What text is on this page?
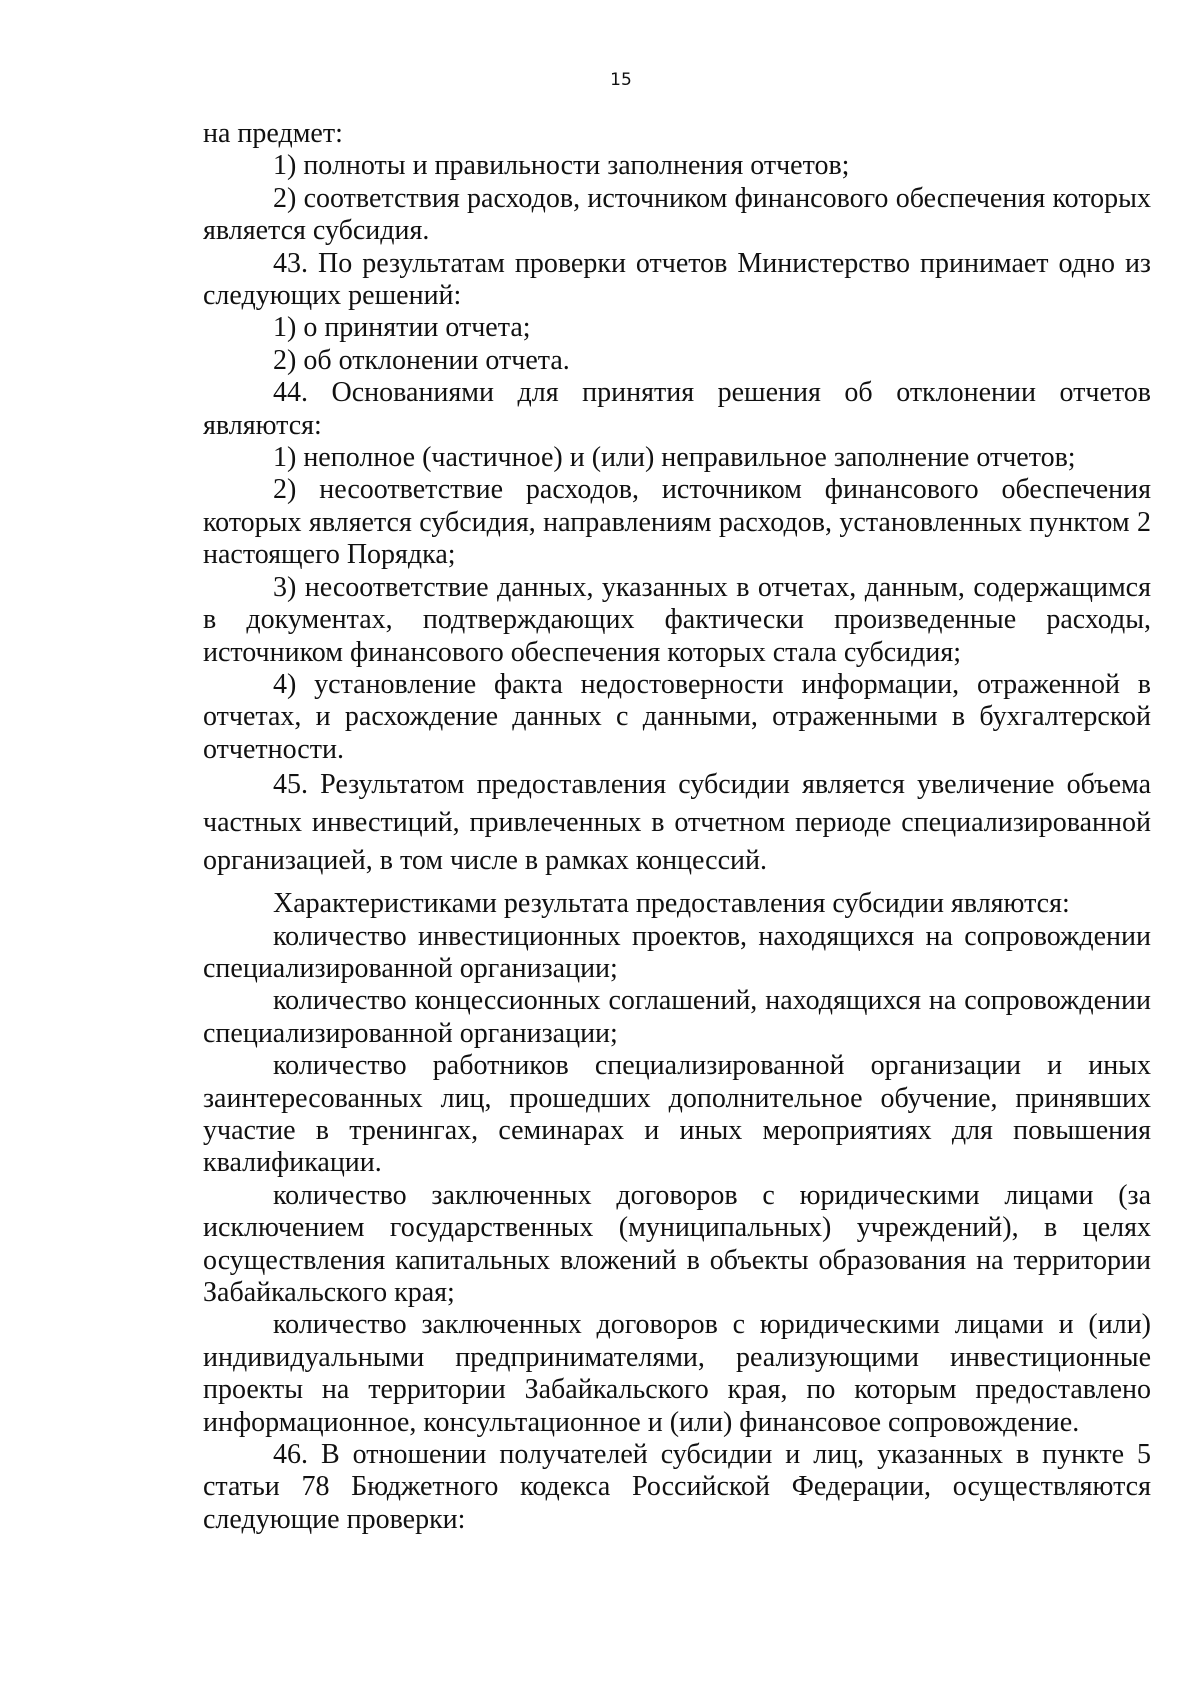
15

на предмет:

1) полноты и правильности заполнения отчетов;

2) соответствия расходов, источником финансового обеспечения которых является субсидия.

43. По результатам проверки отчетов Министерство принимает одно из следующих решений:

1) о принятии отчета;

2) об отклонении отчета.

44. Основаниями для принятия решения об отклонении отчетов являются:

1) неполное (частичное) и (или) неправильное заполнение отчетов;

2) несоответствие расходов, источником финансового обеспечения которых является субсидия, направлениям расходов, установленных пунктом 2 настоящего Порядка;

3) несоответствие данных, указанных в отчетах, данным, содержащимся в документах, подтверждающих фактически произведенные расходы, источником финансового обеспечения которых стала субсидия;

4) установление факта недостоверности информации, отраженной в отчетах, и расхождение данных с данными, отраженными в бухгалтерской отчетности.

45. Результатом предоставления субсидии является увеличение объема частных инвестиций, привлеченных в отчетном периоде специализированной организацией, в том числе в рамках концессий.

Характеристиками результата предоставления субсидии являются:

количество инвестиционных проектов, находящихся на сопровождении специализированной организации;

количество концессионных соглашений, находящихся на сопровождении специализированной организации;

количество работников специализированной организации и иных заинтересованных лиц, прошедших дополнительное обучение, принявших участие в тренингах, семинарах и иных мероприятиях для повышения квалификации.

количество заключенных договоров с юридическими лицами (за исключением государственных (муниципальных) учреждений), в целях осуществления капитальных вложений в объекты образования на территории Забайкальского края;

количество заключенных договоров с юридическими лицами и (или) индивидуальными предпринимателями, реализующими инвестиционные проекты на территории Забайкальского края, по которым предоставлено информационное, консультационное и (или) финансовое сопровождение.

46. В отношении получателей субсидии и лиц, указанных в пункте 5 статьи 78 Бюджетного кодекса Российской Федерации, осуществляются следующие проверки:
